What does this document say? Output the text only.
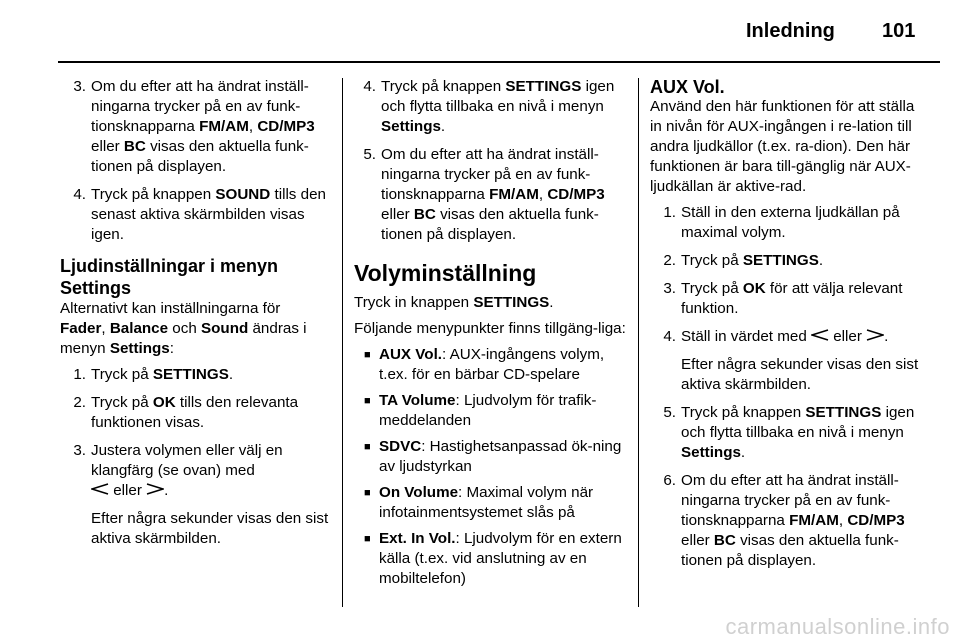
Inledning 101
3. Om du efter att ha ändrat inställ-ningarna trycker på en av funk-tionsknapparna FM/AM, CD/MP3 eller BC visas den aktuella funk-tionen på displayen.
4. Tryck på knappen SOUND tills den senast aktiva skärmbilden visas igen.
Ljudinställningar i menyn Settings

Alternativt kan inställningarna för Fader, Balance och Sound ändras i menyn Settings:

1. Tryck på SETTINGS.
2. Tryck på OK tills den relevanta funktionen visas.
3. Justera volymen eller välj en klangfärg (se ovan) med
eller .
Efter några sekunder visas den sist aktiva skärmbilden.
4. Tryck på knappen SETTINGS igen och flytta tillbaka en nivå i menyn Settings.
5. Om du efter att ha ändrat inställ-ningarna trycker på en av funk-tionsknapparna FM/AM, CD/MP3 eller BC visas den aktuella funk-tionen på displayen.
Volyminställning

Tryck in knappen SETTINGS.

Följande menypunkter finns tillgäng-liga:

■ AUX Vol.: AUX-ingångens volym, t.ex. för en bärbar CD-spelare
■ TA Volume: Ljudvolym för trafik-meddelanden
■ SDVC: Hastighetsanpassad ök-ning av ljudstyrkan
■ On Volume: Maximal volym när infotainmentsystemet slås på
■ Ext. In Vol.: Ljudvolym för en extern källa (t.ex. vid anslutning av en mobiltelefon)
AUX Vol.

Använd den här funktionen för att ställa in nivån för AUX-ingången i re-lation till andra ljudkällor (t.ex. ra-dion). Den här funktionen är bara till-gänglig när AUX-ljudkällan är aktive-rad.

1. Ställ in den externa ljudkällan på maximal volym.
2. Tryck på SETTINGS.
3. Tryck på OK för att välja relevant funktion.
4. Ställ in värdet med  eller .
Efter några sekunder visas den sist aktiva skärmbilden.
5. Tryck på knappen SETTINGS igen och flytta tillbaka en nivå i menyn Settings.
6. Om du efter att ha ändrat inställ-ningarna trycker på en av funk-tionsknapparna FM/AM, CD/MP3 eller BC visas den aktuella funk-tionen på displayen.
carmanualsonline.info
